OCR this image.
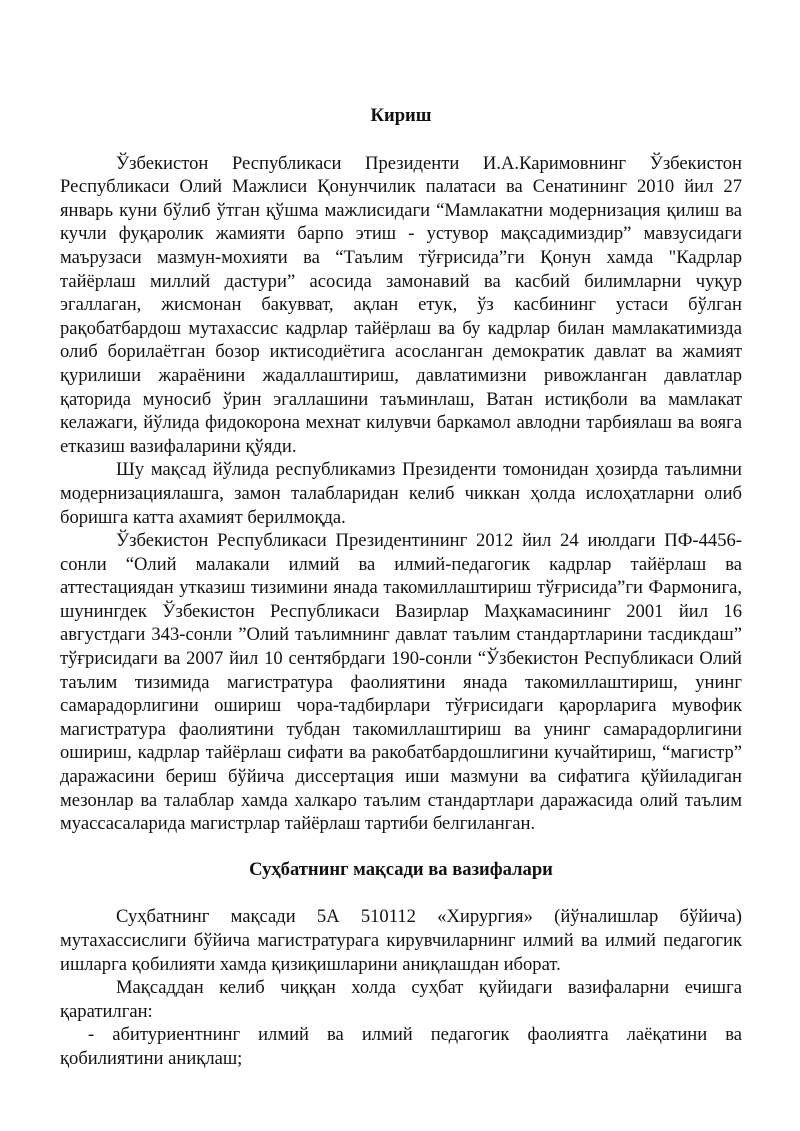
Кириш

Ўзбекистон Республикаси Президенти И.А.Каримовнинг Ўзбекистон Республикаси Олий Мажлиси Қонунчилик палатаси ва Сенатининг 2010 йил 27 январь куни бўлиб ўтган қўшма мажлисидаги “Мамлакатни модернизация қилиш ва кучли фуқаролик жамияти барпо этиш - устувор мақсадимиздир” мавзусидаги маърузаси мазмун-мохияти ва “Таълим тўғрисида”ги Қонун хамда "Кадрлар тайёрлаш миллий дастури” асосида замонавий ва касбий билимларни чуқур эгаллаган, жисмонан бакувват, ақлан етук, ўз касбининг устаси бўлган рақобатбардош мутахассис кадрлар тайёрлаш ва бу кадрлар билан мамлакатимизда олиб борилаётган бозор иктисодиётига асосланган демократик давлат ва жамият қурилиши жараёнини жадаллаштириш, давлатимизни ривожланган давлатлар қаторида муносиб ўрин эгаллашини таъминлаш, Ватан истиқболи ва мамлакат келажаги, йўлида фидокорона мехнат килувчи баркамол авлодни тарбиялаш ва вояга етказиш вазифаларини қўяди.

Шу мақсад йўлида республикамиз Президенти томонидан ҳозирда таълимни модернизациялашга, замон талабларидан келиб чиккан ҳолда ислоҳатларни олиб боришга катта ахамият берилмоқда.

Ўзбекистон Республикаси Президентининг 2012 йил 24 июлдаги ПФ-4456-сонли “Олий малакали илмий ва илмий-педагогик кадрлар тайёрлаш ва аттестациядан утказиш тизимини янада такомиллаштириш тўғрисида”ги Фармонига, шунингдек Ўзбекистон Республикаси Вазирлар Маҳкамасининг 2001 йил 16 августдаги 343-сонли ”Олий таълимнинг давлат таълим стандартларини тасдикдаш” тўғрисидаги ва 2007 йил 10 сентябрдаги 190-сонли “Ўзбекистон Республикаси Олий таълим тизимида магистратура фаолиятини янада такомиллаштириш, унинг самарадорлигини ошириш чора-тадбирлари тўғрисидаги қарорларига мувофик магистратура фаолиятини тубдан такомиллаштириш ва унинг самарадорлигини ошириш, кадрлар тайёрлаш сифати ва ракобатбардошлигини кучайтириш, “магистр” даражасини бериш бўйича диссертация иши мазмуни ва сифатига қўйиладиган мезонлар ва талаблар хамда халкаро таълим стандартлари даражасида олий таълим муассасаларида магистрлар тайёрлаш тартиби белгиланган.

Суҳбатнинг мақсади ва вазифалари

Суҳбатнинг мақсади 5А 510112 «Хирургия» (йўналишлар бўйича) мутахассислиги бўйича магистратурага кирувчиларнинг илмий ва илмий педагогик ишларга қобилияти хамда қизиқишларини аниқлашдан иборат.

Мақсаддан келиб чиққан холда суҳбат қуйидаги вазифаларни ечишга қаратилган:

- абитуриентнинг илмий ва илмий педагогик фаолиятга лаёқатини ва қобилиятини аниқлаш;
